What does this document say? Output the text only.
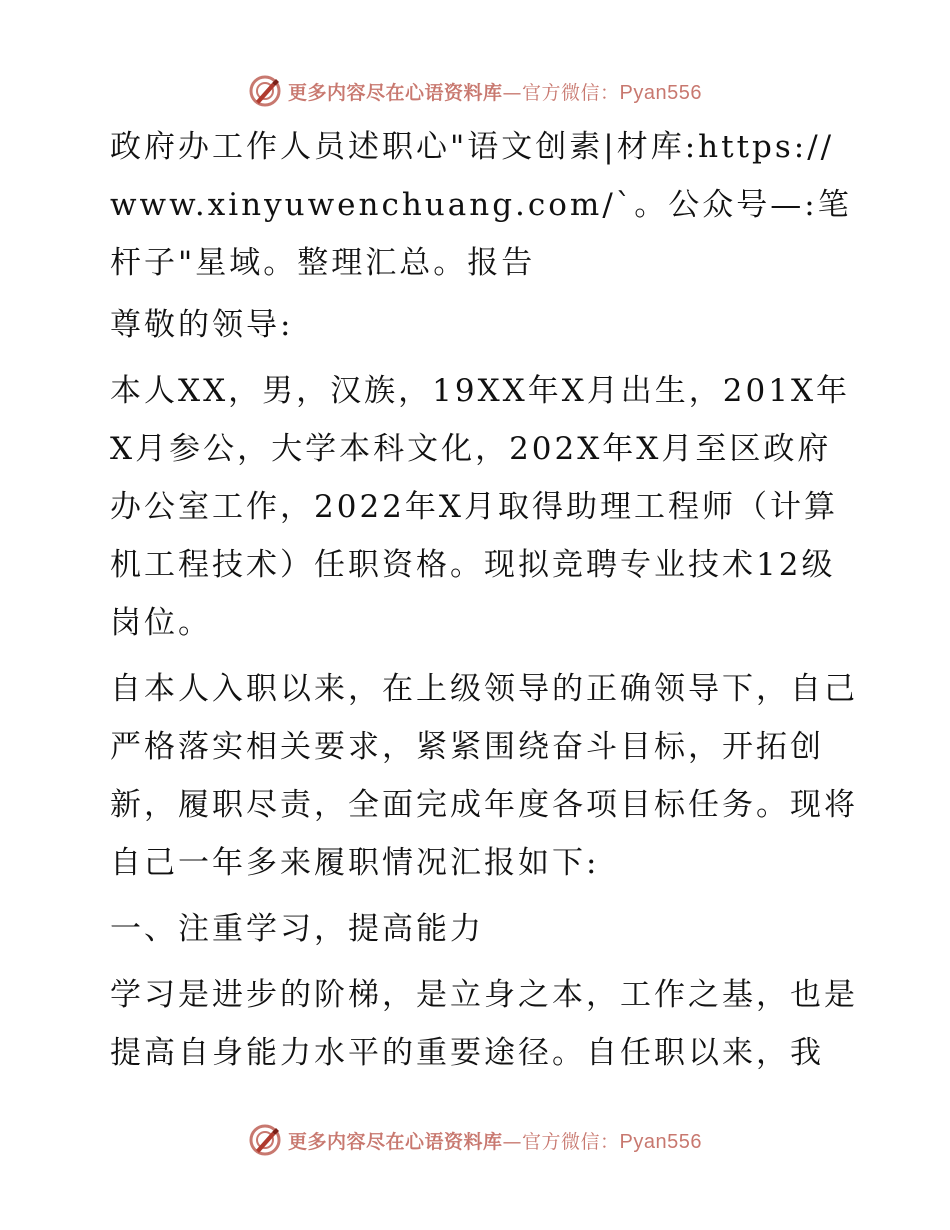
更多内容尽在心语资料库—官方微信：Pyan556

政府办工作人员述职心"语文创素|材库:https://www.xinyuwenchuang.com/`。公众号—:笔杆子"星域。整理汇总。报告

尊敬的领导:

本人XX，男，汉族，19XX年X月出生，201X年X月参公，大学本科文化，202X年X月至区政府办公室工作，2022年X月取得助理工程师（计算机工程技术）任职资格。现拟竞聘专业技术12级岗位。

自本人入职以来，在上级领导的正确领导下，自己严格落实相关要求，紧紧围绕奋斗目标，开拓创新，履职尽责，全面完成年度各项目标任务。现将自己一年多来履职情况汇报如下:

一、注重学习，提高能力

学习是进步的阶梯，是立身之本，工作之基，也是提高自身能力水平的重要途径。自任职以来，我

更多内容尽在心语资料库—官方微信：Pyan556
